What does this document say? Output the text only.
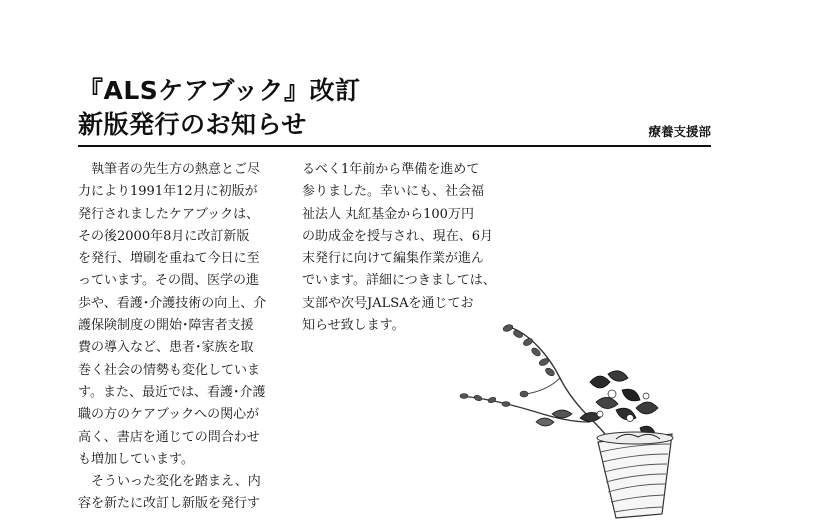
『ALSケアブック』改訂
新版発行のお知らせ	療養支援部
　執筆者の先生方の熱意とご尽
力により1991年12月に初版が
発行されましたケアブックは、
その後2000年8月に改訂新版
を発行、増刷を重ねて今日に至
っています。その間、医学の進
歩や、看護･介護技術の向上、介
護保険制度の開始･障害者支援
費の導入など、患者･家族を取
巻く社会の情勢も変化していま
す。また、最近では、看護･介護
職の方のケアブックへの関心が
高く、書店を通じての問合わせ
も増加しています。
　そういった変化を踏まえ、内
容を新たに改訂し新版を発行す
るべく1年前から準備を進めて
参りました。幸いにも、社会福
祉法人 丸紅基金から100万円
の助成金を授与され、現在、6月
末発行に向けて編集作業が進ん
でいます。詳細につきましては、
支部や次号JALSAを通じてお
知らせ致します。
